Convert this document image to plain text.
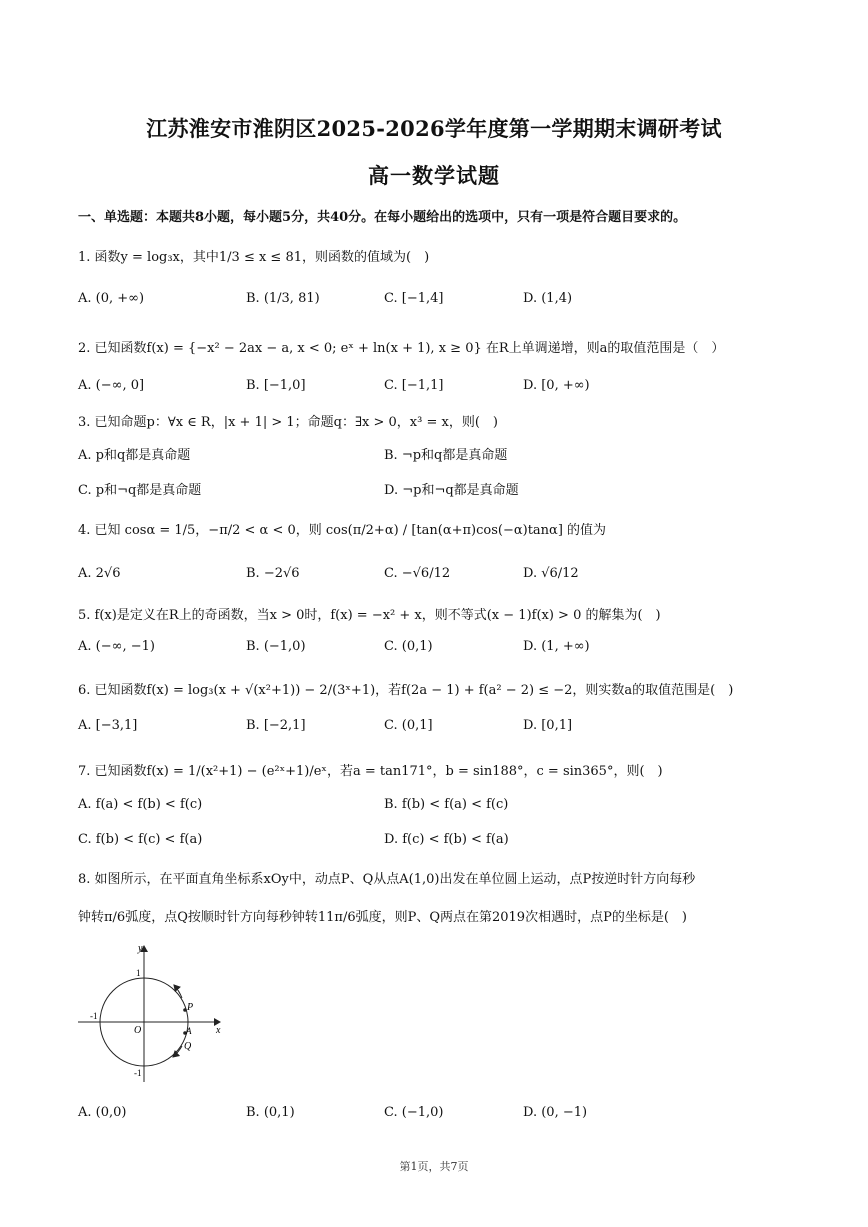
江苏淮安市淮阴区2025-2026学年度第一学期期末调研考试
高一数学试题
一、单选题：本题共8小题，每小题5分，共40分。在每小题给出的选项中，只有一项是符合题目要求的。
1. 函数y = log₃x，其中1/3 ≤ x ≤ 81，则函数的值域为(　)
A. (0, +∞)	B. (1/3, 81)	C. [−1,4]	D. (1,4)
2. 已知函数f(x) = {−x² − 2ax − a, x < 0; eˣ + ln(x + 1), x ≥ 0} 在R上单调递增，则a的取值范围是（　）
A. (−∞, 0]	B. [−1,0]	C. [−1,1]	D. [0, +∞)
3. 已知命题p：∀x ∈ R，|x + 1| > 1；命题q：∃x > 0，x³ = x，则(　)
A. p和q都是真命题	B. ¬p和q都是真命题
C. p和¬q都是真命题	D. ¬p和¬q都是真命题
4. 已知 cosα = 1/5，−π/2 < α < 0，则 cos(π/2+α) / [tan(α+π)cos(−α)tanα] 的值为
A. 2√6	B. −2√6	C. −√6/12	D. √6/12
5. f(x)是定义在R上的奇函数，当x > 0时，f(x) = −x² + x，则不等式(x − 1)f(x) > 0 的解集为(　)
A. (−∞, −1)	B. (−1,0)	C. (0,1)	D. (1, +∞)
6. 已知函数f(x) = log₃(x + √(x²+1)) − 2/(3ˣ+1)，若f(2a − 1) + f(a² − 2) ≤ −2，则实数a的取值范围是(　)
A. [−3,1]	B. [−2,1]	C. (0,1]	D. [0,1]
7. 已知函数f(x) = 1/(x²+1) − (e²ˣ+1)/eˣ，若a = tan171°，b = sin188°，c = sin365°，则(　)
A. f(a) < f(b) < f(c)	B. f(b) < f(a) < f(c)
C. f(b) < f(c) < f(a)	D. f(c) < f(b) < f(a)
8. 如图所示，在平面直角坐标系xOy中，动点P、Q从点A(1,0)出发在单位圆上运动，点P按逆时针方向每秒
钟转π/6弧度，点Q按顺时针方向每秒钟转11π/6弧度，则P、Q两点在第2019次相遇时，点P的坐标是(　)
y
x
1
-1
O	A
P
Q
-1
A. (0,0)	B. (0,1)	C. (−1,0)	D. (0, −1)
第1页，共7页
